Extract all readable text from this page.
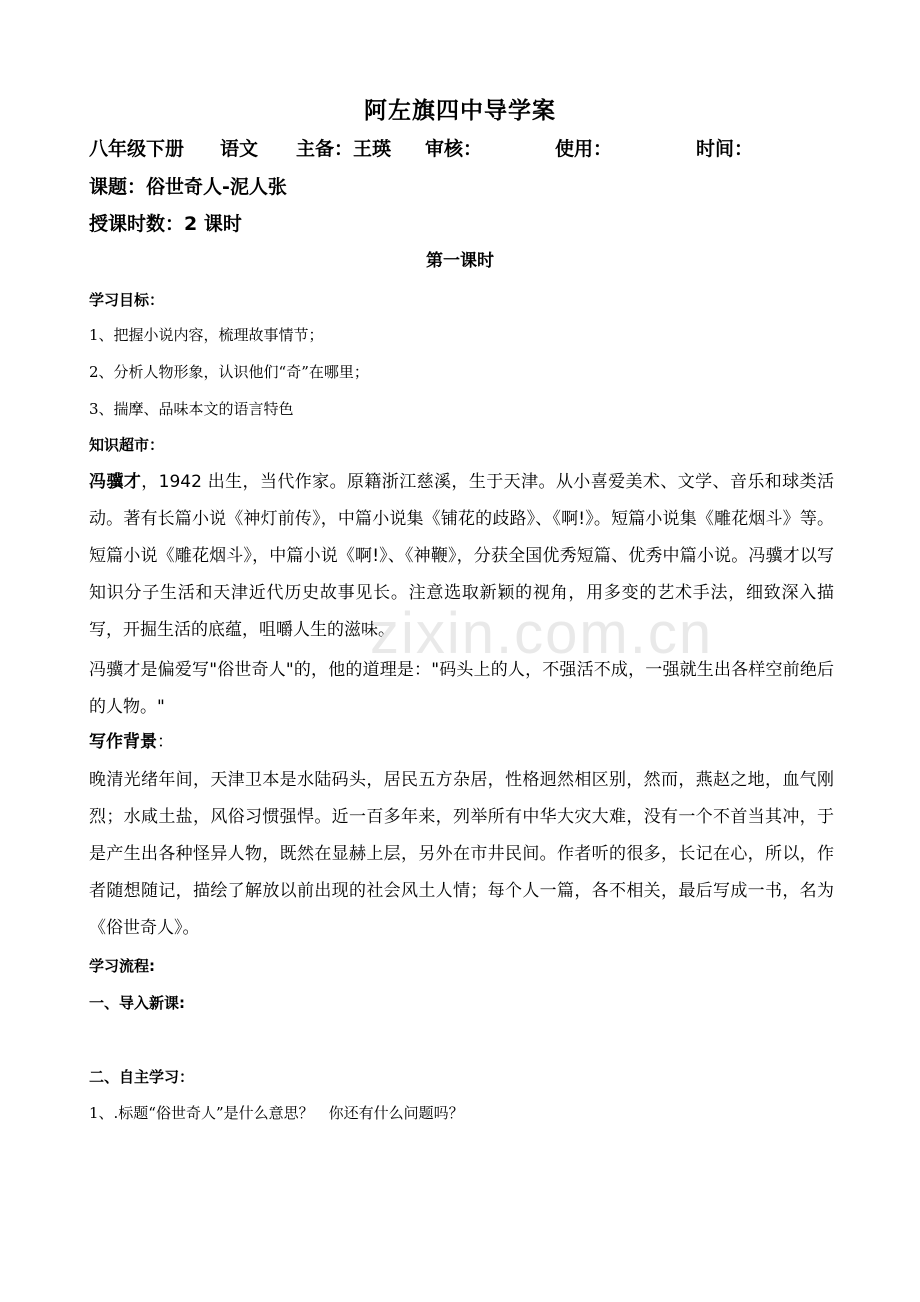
阿左旗四中导学案
八年级下册 语文 主备：王瑛 审核：	使用：	时间：
课题：俗世奇人-泥人张
授课时数：2 课时
第一课时
学习目标：
1、把握小说内容，梳理故事情节；
2、分析人物形象，认识他们“奇”在哪里；
3、揣摩、品味本文的语言特色
知识超市：
冯骥才，1942 出生，当代作家。原籍浙江慈溪，生于天津。从小喜爱美术、文学、音乐和球类活动。著有长篇小说《神灯前传》，中篇小说集《铺花的歧路》、《啊!》。短篇小说集《雕花烟斗》等。短篇小说《雕花烟斗》，中篇小说《啊!》、《神鞭》，分获全国优秀短篇、优秀中篇小说。冯骥才以写知识分子生活和天津近代历史故事见长。注意选取新颖的视角，用多变的艺术手法，细致深入描写，开掘生活的底蕴，咀嚼人生的滋味。
冯骥才是偏爱写"俗世奇人"的，他的道理是："码头上的人，不强活不成，一强就生出各样空前绝后的人物。"
写作背景：
晚清光绪年间，天津卫本是水陆码头，居民五方杂居，性格迥然相区别，然而，燕赵之地，血气刚烈；水咸土盐，风俗习惯强悍。近一百多年来，列举所有中华大灾大难，没有一个不首当其冲，于是产生出各种怪异人物，既然在显赫上层，另外在市井民间。作者听的很多，长记在心，所以，作者随想随记，描绘了解放以前出现的社会风土人情；每个人一篇，各不相关，最后写成一书，名为《俗世奇人》。
学习流程:
一、导入新课:
二、自主学习：
1、.标题“俗世奇人”是什么意思？　你还有什么问题吗？
zixin.com.cn
